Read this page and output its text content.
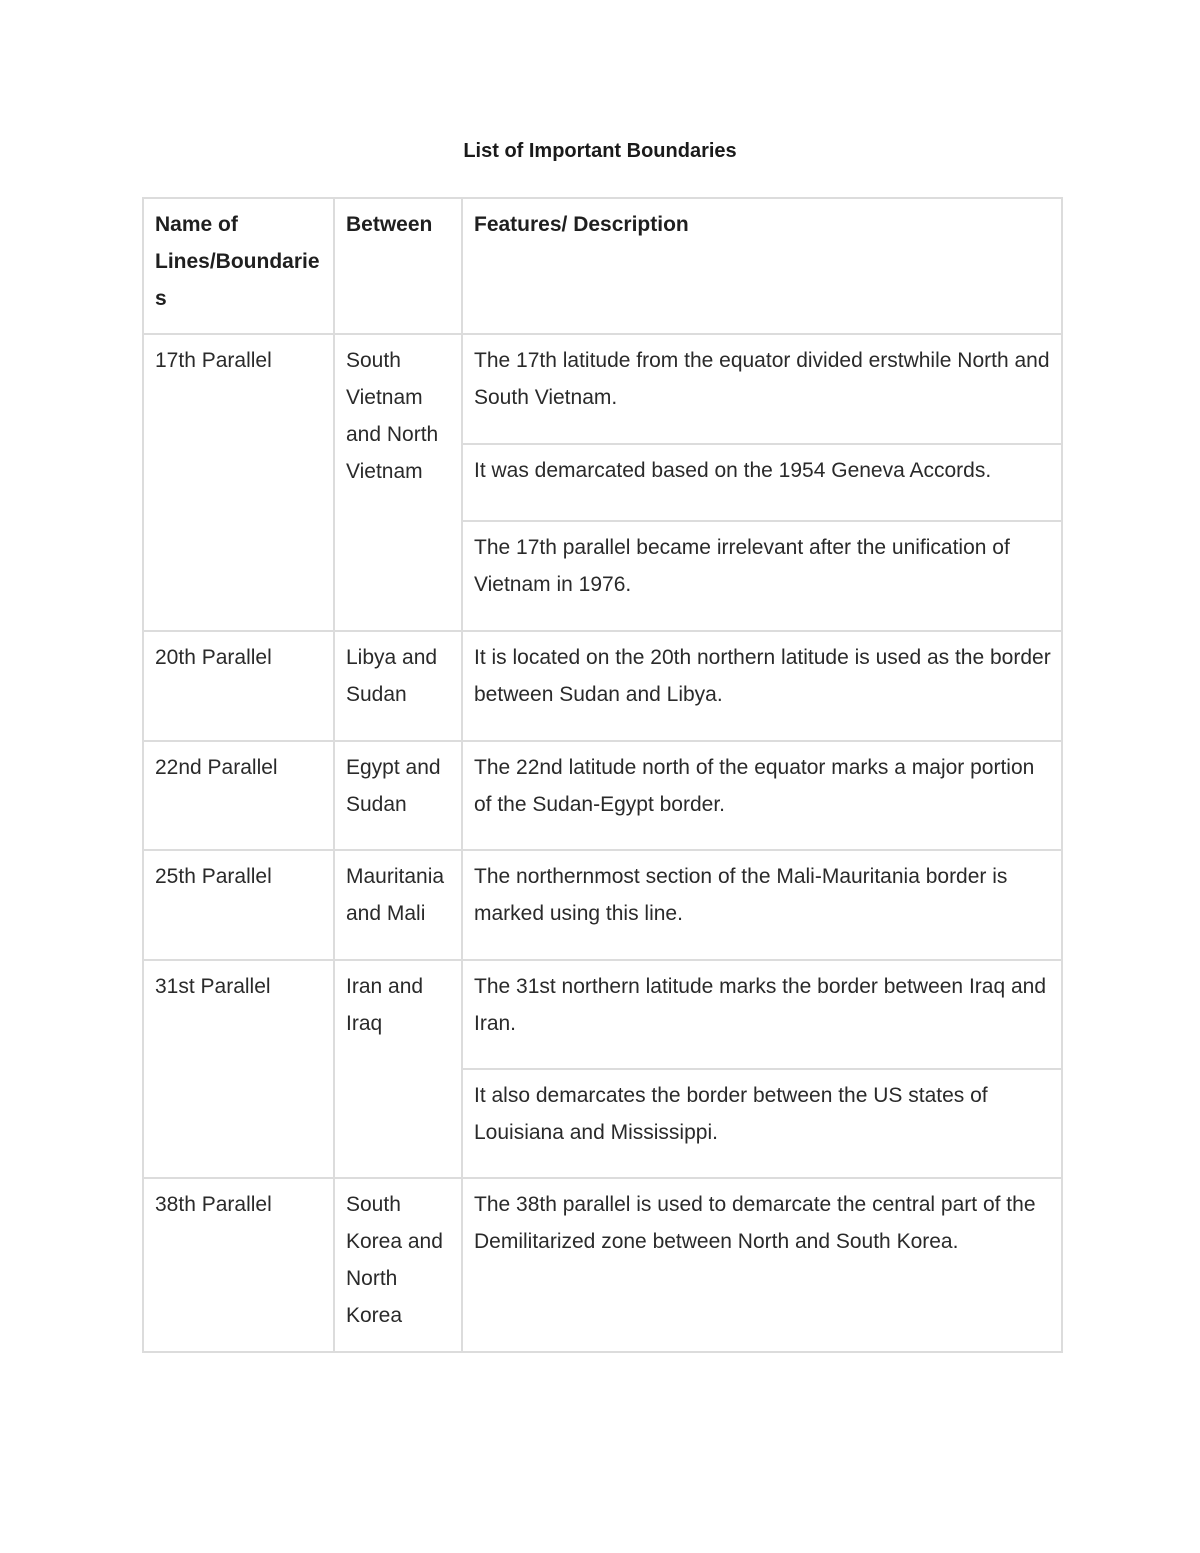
List of Important Boundaries
Name of Lines/Boundaries	Between	Features/ Description
17th Parallel	South Vietnam and North Vietnam	The 17th latitude from the equator divided erstwhile North and South Vietnam.
		It was demarcated based on the 1954 Geneva Accords.
		The 17th parallel became irrelevant after the unification of Vietnam in 1976.
20th Parallel	Libya and Sudan	It is located on the 20th northern latitude is used as the border between Sudan and Libya.
22nd Parallel	Egypt and Sudan	The 22nd latitude north of the equator marks a major portion of the Sudan-Egypt border.
25th Parallel	Mauritania and Mali	The northernmost section of the Mali-Mauritania border is marked using this line.
31st Parallel	Iran and Iraq	The 31st northern latitude marks the border between Iraq and Iran.
		It also demarcates the border between the US states of Louisiana and Mississippi.
38th Parallel	South Korea and North Korea	The 38th parallel is used to demarcate the central part of the Demilitarized zone between North and South Korea.
